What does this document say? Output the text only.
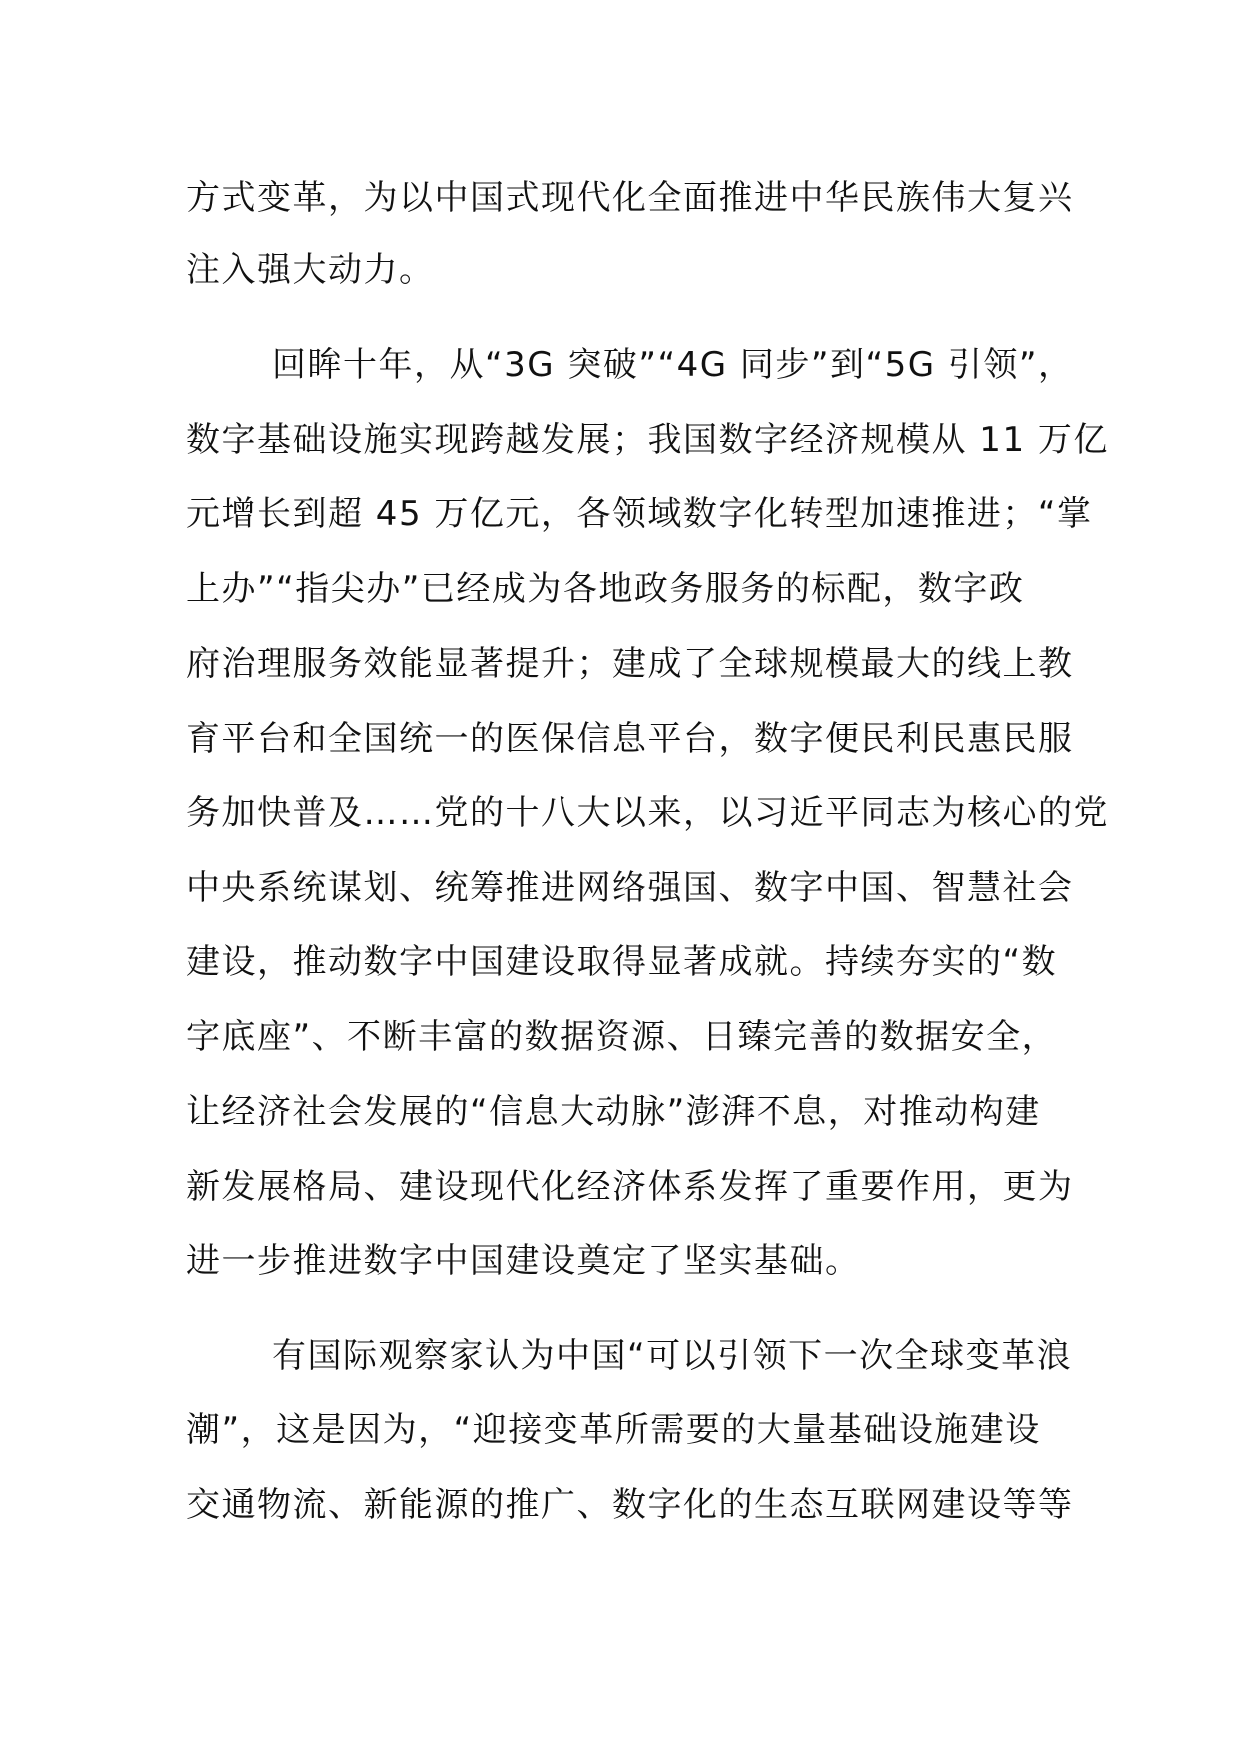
方式变革，为以中国式现代化全面推进中华民族伟大复兴
注入强大动力。
回眸十年，从“3G 突破”“4G 同步”到“5G 引领”，
数字基础设施实现跨越发展；我国数字经济规模从 11 万亿
元增长到超 45 万亿元，各领域数字化转型加速推进；“掌
上办”“指尖办”已经成为各地政务服务的标配，数字政
府治理服务效能显著提升；建成了全球规模最大的线上教
育平台和全国统一的医保信息平台，数字便民利民惠民服
务加快普及……党的十八大以来，以习近平同志为核心的党
中央系统谋划、统筹推进网络强国、数字中国、智慧社会
建设，推动数字中国建设取得显著成就。持续夯实的“数
字底座”、不断丰富的数据资源、日臻完善的数据安全，
让经济社会发展的“信息大动脉”澎湃不息，对推动构建
新发展格局、建设现代化经济体系发挥了重要作用，更为
进一步推进数字中国建设奠定了坚实基础。
有国际观察家认为中国“可以引领下一次全球变革浪
潮”，这是因为，“迎接变革所需要的大量基础设施建设
交通物流、新能源的推广、数字化的生态互联网建设等等
